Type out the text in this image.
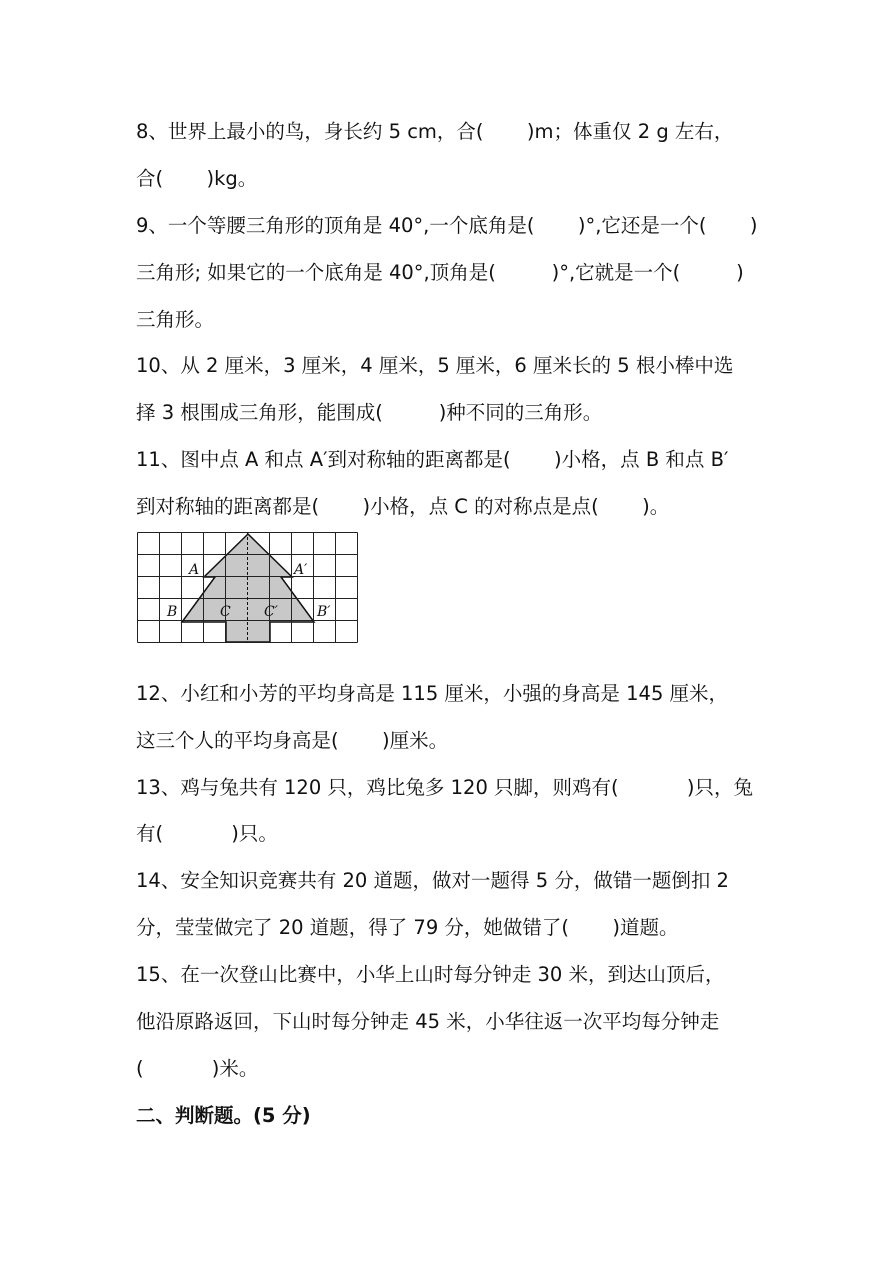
8、世界上最小的鸟，身长约 5 cm，合(       )m；体重仅 2 g 左右，
合(       )kg。
9、一个等腰三角形的顶角是 40°,一个底角是(       )°,它还是一个(       )
三角形; 如果它的一个底角是 40°,顶角是(         )°,它就是一个(         )
三角形。
10、从 2 厘米，3 厘米，4 厘米，5 厘米，6 厘米长的 5 根小棒中选
择 3 根围成三角形，能围成(         )种不同的三角形。
11、图中点 A 和点 A′到对称轴的距离都是(       )小格，点 B 和点 B′
到对称轴的距离都是(       )小格，点 C 的对称点是点(       )。
A	A′
B	B′
C C′
12、小红和小芳的平均身高是 115 厘米，小强的身高是 145 厘米，
这三个人的平均身高是(       )厘米。
13、鸡与兔共有 120 只，鸡比兔多 120 只脚，则鸡有(           )只，兔
有(           )只。
14、安全知识竞赛共有 20 道题，做对一题得 5 分，做错一题倒扣 2
分，莹莹做完了 20 道题，得了 79 分，她做错了(       )道题。
15、在一次登山比赛中，小华上山时每分钟走 30 米，到达山顶后，
他沿原路返回，下山时每分钟走 45 米，小华往返一次平均每分钟走
(           )米。
二、判断题。(5 分)
